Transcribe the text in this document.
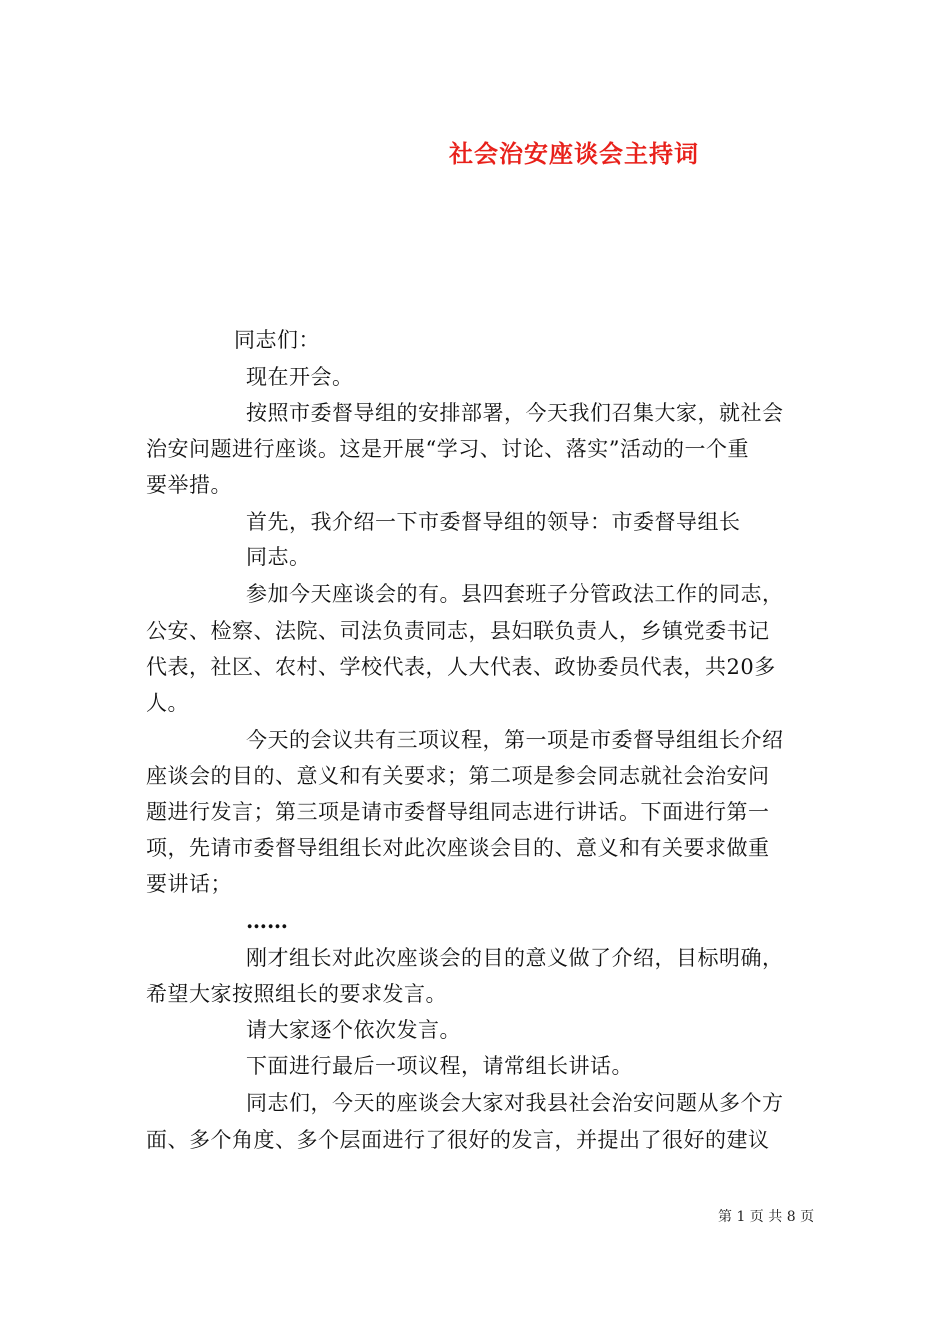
社会治安座谈会主持词
同志们：
现在开会。
按照市委督导组的安排部署，今天我们召集大家，就社会
治安问题进行座谈。这是开展“学习、讨论、落实”活动的一个重
要举措。
首先，我介绍一下市委督导组的领导：市委督导组长
同志。
参加今天座谈会的有。县四套班子分管政法工作的同志，
公安、检察、法院、司法负责同志，县妇联负责人，乡镇党委书记
代表，社区、农村、学校代表，人大代表、政协委员代表，共20多
人。
今天的会议共有三项议程，第一项是市委督导组组长介绍
座谈会的目的、意义和有关要求；第二项是参会同志就社会治安问
题进行发言；第三项是请市委督导组同志进行讲话。下面进行第一
项，先请市委督导组组长对此次座谈会目的、意义和有关要求做重
要讲话；
……
刚才组长对此次座谈会的目的意义做了介绍，目标明确，
希望大家按照组长的要求发言。
请大家逐个依次发言。
下面进行最后一项议程，请常组长讲话。
同志们，今天的座谈会大家对我县社会治安问题从多个方
面、多个角度、多个层面进行了很好的发言，并提出了很好的建议
第 1 页 共 8 页
